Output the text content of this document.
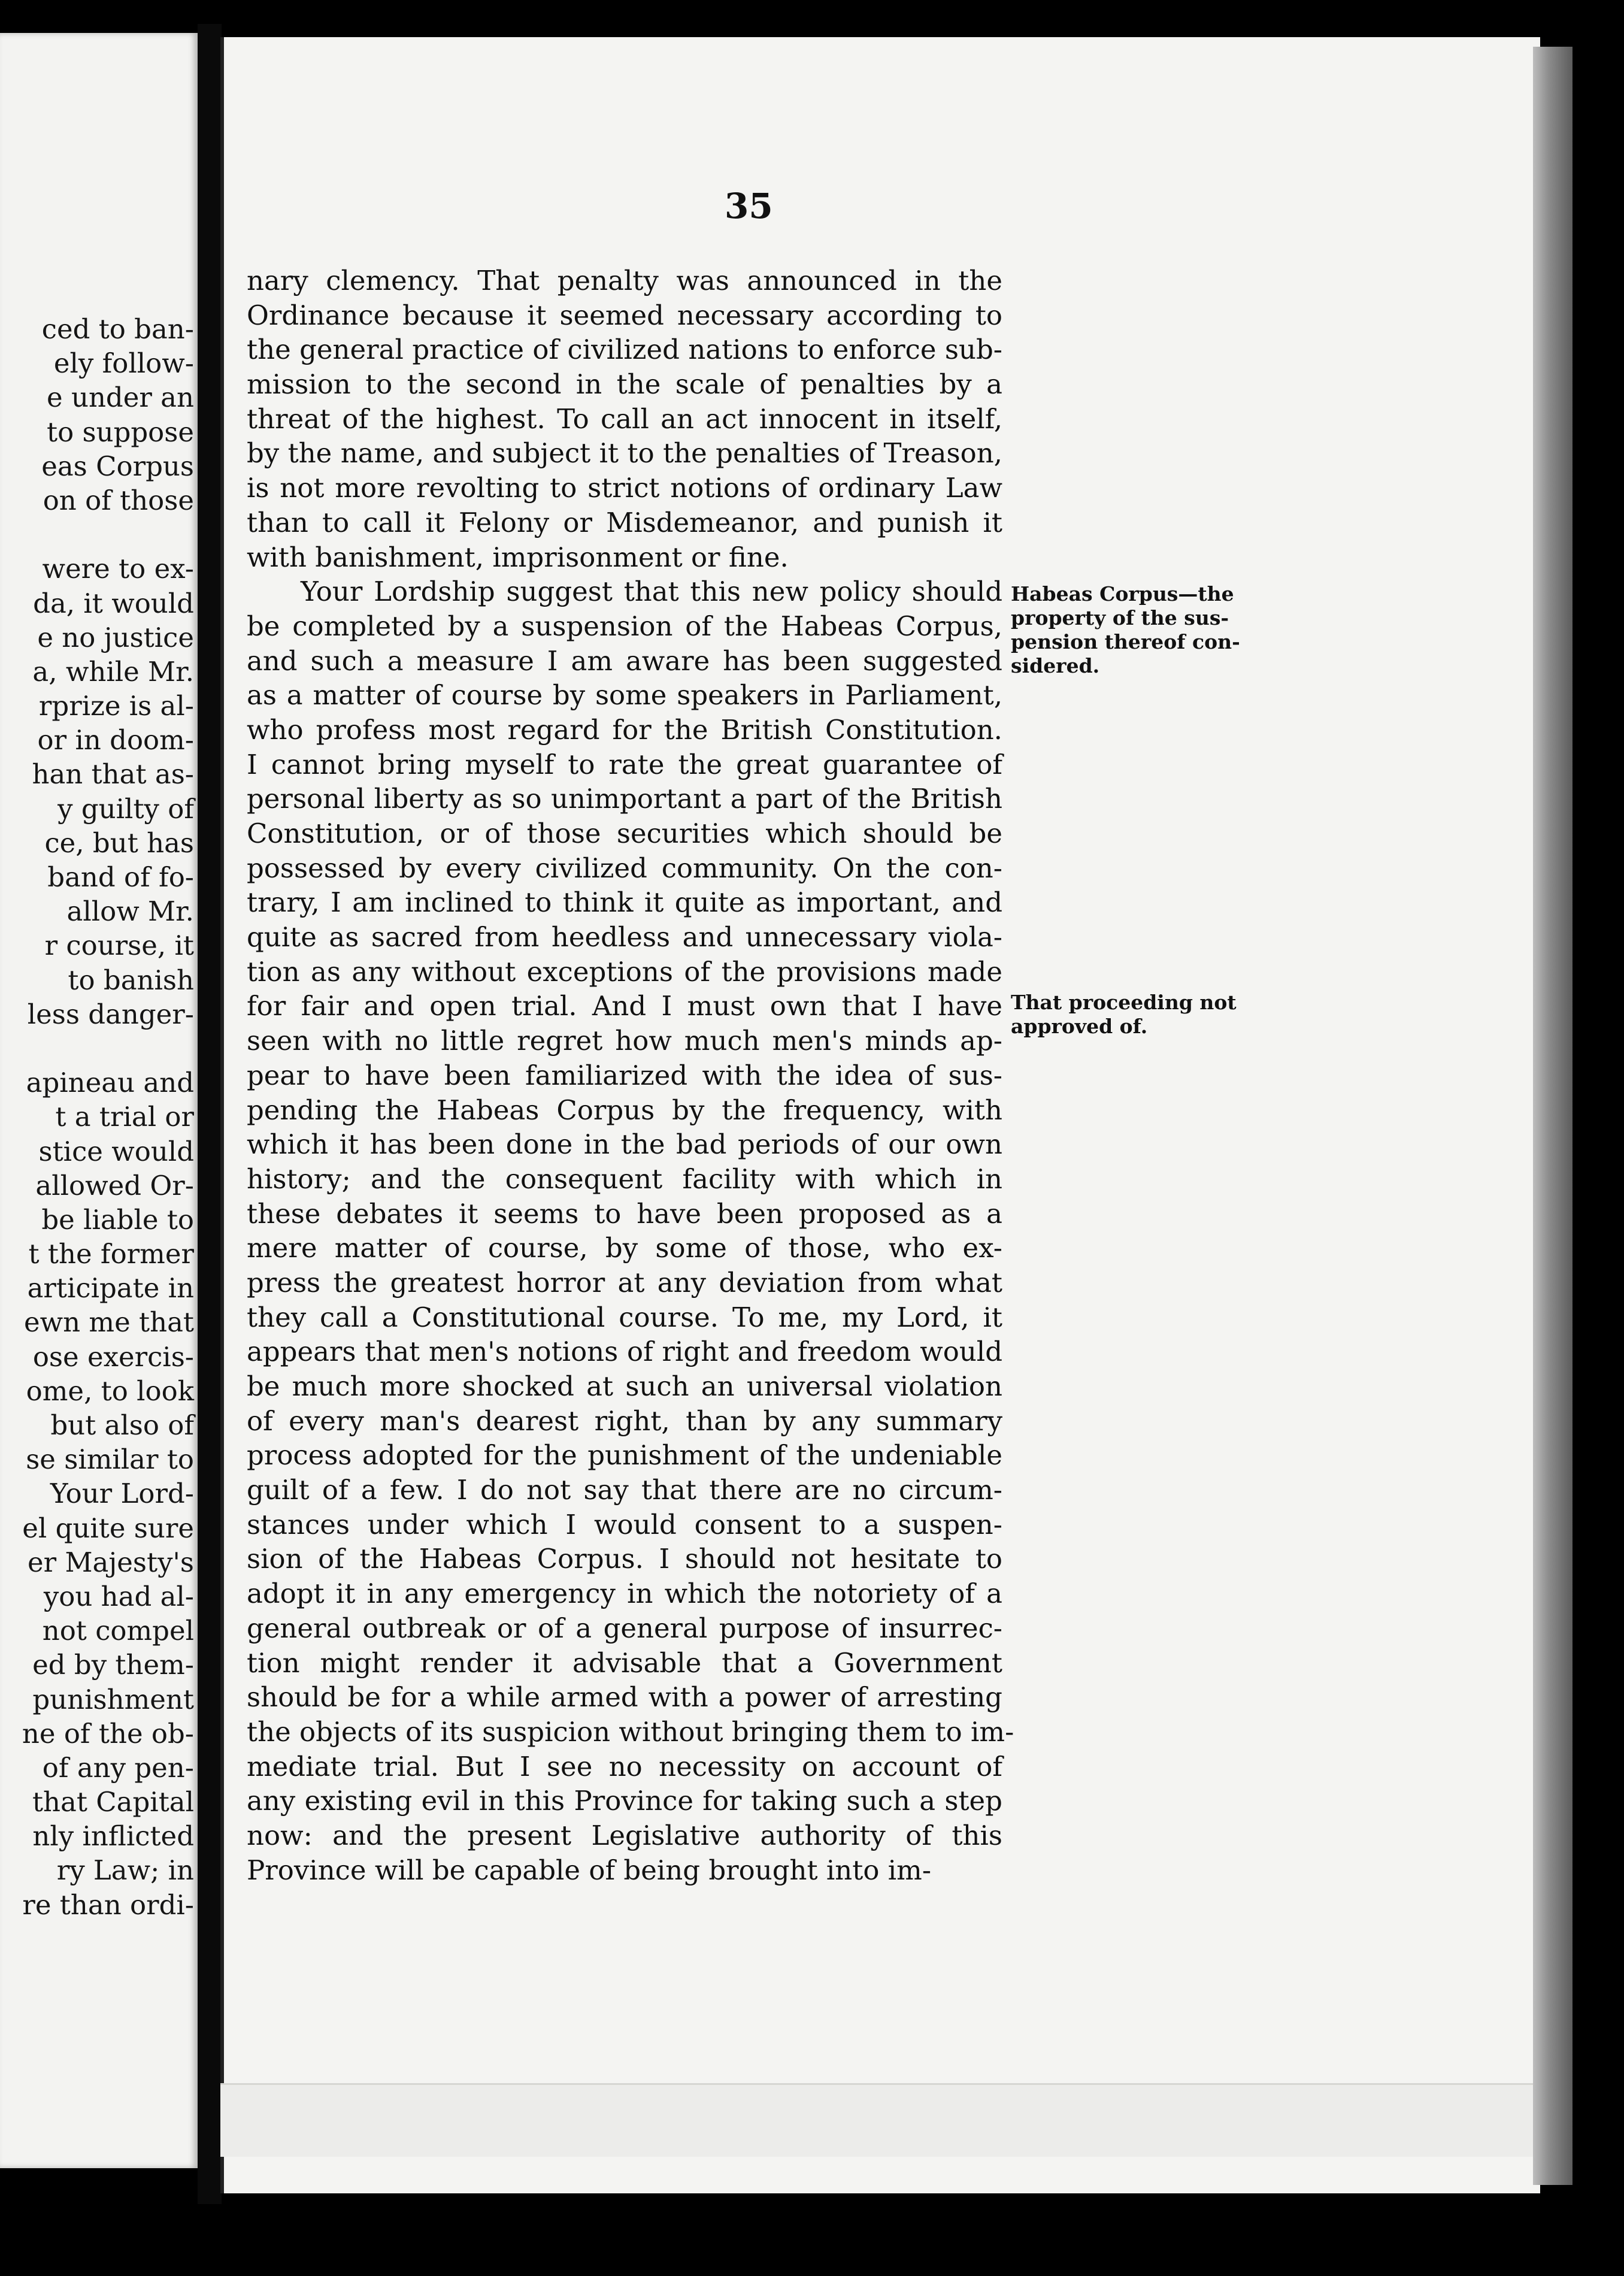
ced to ban-
ely follow-
e under an
to suppose
eas Corpus
on of those
were to ex-
da, it would
e no justice
a, while Mr.
rprize is al-
or in doom-
han that as-
y guilty of
ce, but has
band of fo-
allow Mr.
r course, it
to banish
less danger-
apineau and
t a trial or
stice would
allowed Or-
be liable to
t the former
articipate in
ewn me that
ose exercis-
ome, to look
but also of
se similar to
Your Lord-
el quite sure
er Majesty's
you had al-
not compel
ed by them-
punishment
ne of the ob-
of any pen-
that Capital
nly inflicted
ry Law; in
re than ordi-
35
nary clemency. That penalty was announced in the
Ordinance because it seemed necessary according to
the general practice of civilized nations to enforce sub-
mission to the second in the scale of penalties by a
threat of the highest. To call an act innocent in itself,
by the name, and subject it to the penalties of Treason,
is not more revolting to strict notions of ordinary Law
than to call it Felony or Misdemeanor, and punish it
with banishment, imprisonment or fine.
Your Lordship suggest that this new policy should
be completed by a suspension of the Habeas Corpus,
and such a measure I am aware has been suggested
as a matter of course by some speakers in Parliament,
who profess most regard for the British Constitution.
I cannot bring myself to rate the great guarantee of
personal liberty as so unimportant a part of the British
Constitution, or of those securities which should be
possessed by every civilized community. On the con-
trary, I am inclined to think it quite as important, and
quite as sacred from heedless and unnecessary viola-
tion as any without exceptions of the provisions made
for fair and open trial. And I must own that I have
seen with no little regret how much men's minds ap-
pear to have been familiarized with the idea of sus-
pending the Habeas Corpus by the frequency, with
which it has been done in the bad periods of our own
history; and the consequent facility with which in
these debates it seems to have been proposed as a
mere matter of course, by some of those, who ex-
press the greatest horror at any deviation from what
they call a Constitutional course. To me, my Lord, it
appears that men's notions of right and freedom would
be much more shocked at such an universal violation
of every man's dearest right, than by any summary
process adopted for the punishment of the undeniable
guilt of a few. I do not say that there are no circum-
stances under which I would consent to a suspen-
sion of the Habeas Corpus. I should not hesitate to
adopt it in any emergency in which the notoriety of a
general outbreak or of a general purpose of insurrec-
tion might render it advisable that a Government
should be for a while armed with a power of arresting
the objects of its suspicion without bringing them to im-
mediate trial. But I see no necessity on account of
any existing evil in this Province for taking such a step
now: and the present Legislative authority of this
Province will be capable of being brought into im-
Habeas Corpus—the
property of the sus-
pension thereof con-
sidered.
That proceeding not
approved of.
